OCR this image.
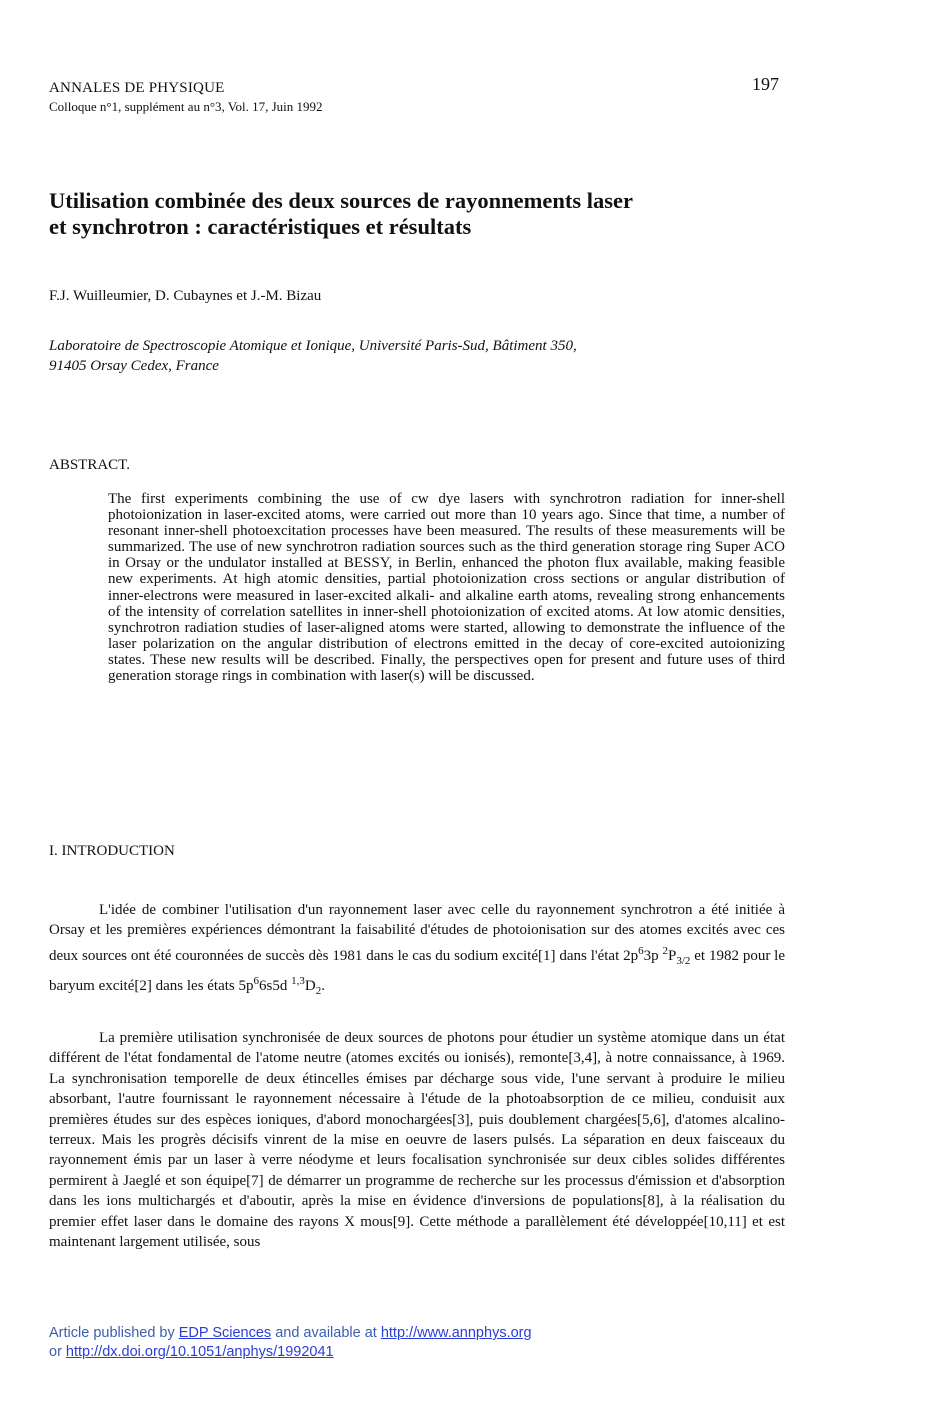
ANNALES DE PHYSIQUE
Colloque n°1, supplément au n°3, Vol. 17, Juin 1992
197
Utilisation combinée des deux sources de rayonnements laser
et synchrotron : caractéristiques et résultats
F.J. Wuilleumier, D. Cubaynes et J.-M. Bizau
Laboratoire de Spectroscopie Atomique et Ionique, Université Paris-Sud, Bâtiment 350,
91405 Orsay Cedex, France
ABSTRACT.
The first experiments combining the use of cw dye lasers with synchrotron radiation for inner-shell photoionization in laser-excited atoms, were carried out more than 10 years ago. Since that time, a number of resonant inner-shell photoexcitation processes have been measured. The results of these measurements will be summarized. The use of new synchrotron radiation sources such as the third generation storage ring Super ACO in Orsay or the undulator installed at BESSY, in Berlin, enhanced the photon flux available, making feasible new experiments. At high atomic densities, partial photoionization cross sections or angular distribution of inner-electrons were measured in laser-excited alkali- and alkaline earth atoms, revealing strong enhancements of the intensity of correlation satellites in inner-shell photoionization of excited atoms. At low atomic densities, synchrotron radiation studies of laser-aligned atoms were started, allowing to demonstrate the influence of the laser polarization on the angular distribution of electrons emitted in the decay of core-excited autoionizing states. These new results will be described. Finally, the perspectives open for present and future uses of third generation storage rings in combination with laser(s) will be discussed.
I. INTRODUCTION
L'idée de combiner l'utilisation d'un rayonnement laser avec celle du rayonnement synchrotron a été initiée à Orsay et les premières expériences démontrant la faisabilité d'études de photoionisation sur des atomes excités avec ces deux sources ont été couronnées de succès dès 1981 dans le cas du sodium excité[1] dans l'état $2p^63p$ $^2P_{3/2}$ et 1982 pour le baryum excité[2] dans les états $5p^66s5d$ $^{1,3}D_2$.
La première utilisation synchronisée de deux sources de photons pour étudier un système atomique dans un état différent de l'état fondamental de l'atome neutre (atomes excités ou ionisés), remonte[3,4], à notre connaissance, à 1969. La synchronisation temporelle de deux étincelles émises par décharge sous vide, l'une servant à produire le milieu absorbant, l'autre fournissant le rayonnement nécessaire à l'étude de la photoabsorption de ce milieu, conduisit aux premières études sur des espèces ioniques, d'abord monochargées[3], puis doublement chargées[5,6], d'atomes alcalino-terreux. Mais les progrès décisifs vinrent de la mise en oeuvre de lasers pulsés. La séparation en deux faisceaux du rayonnement émis par un laser à verre néodyme et leurs focalisation synchronisée sur deux cibles solides différentes permirent à Jaeglé et son équipe[7] de démarrer un programme de recherche sur les processus d'émission et d'absorption dans les ions multichargés et d'aboutir, après la mise en évidence d'inversions de populations[8], à la réalisation du premier effet laser dans le domaine des rayons X mous[9]. Cette méthode a parallèlement été développée[10,11] et est maintenant largement utilisée, sous
Article published by EDP Sciences and available at http://www.annphys.org
or http://dx.doi.org/10.1051/anphys/1992041
